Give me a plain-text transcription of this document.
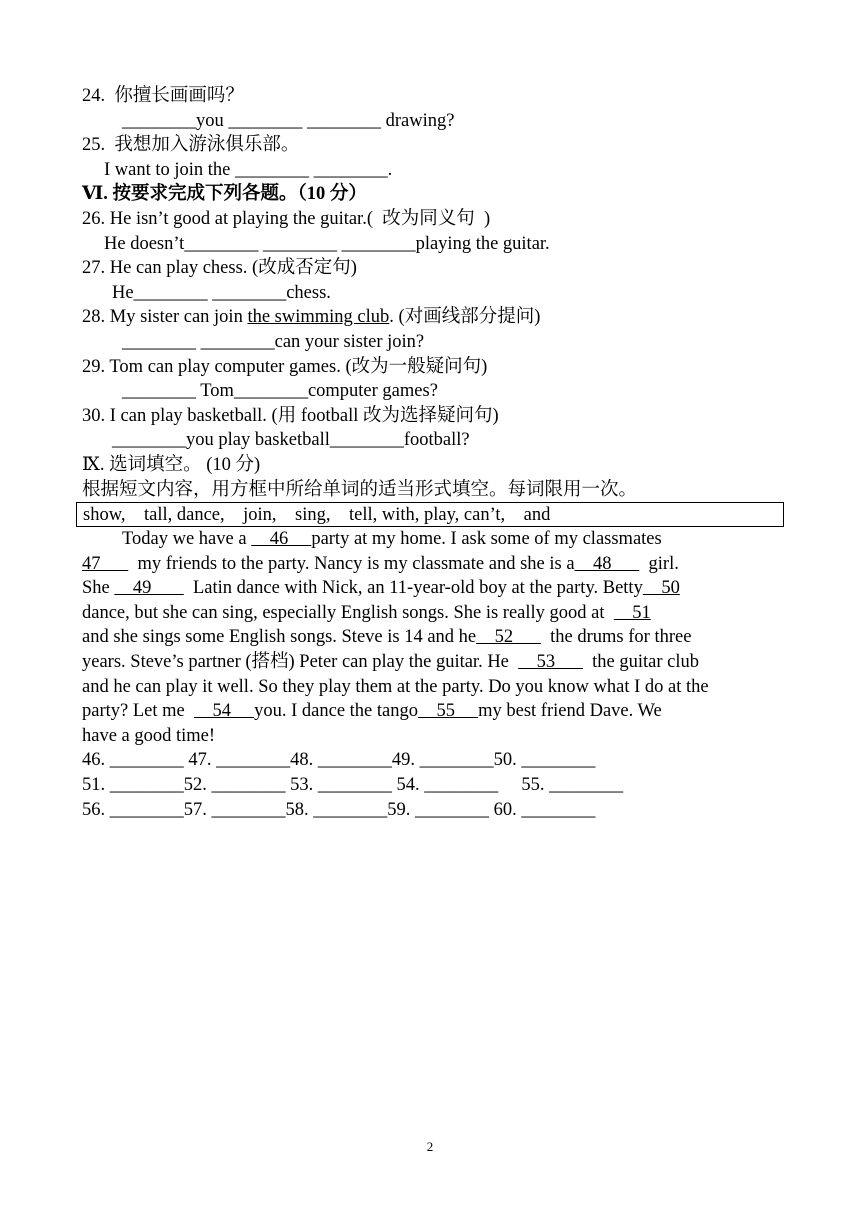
24.  你擅长画画吗？
________you ________ ________ drawing?
25.  我想加入游泳俱乐部。
I want to join the ________ ________.
Ⅵ. 按要求完成下列各题。（10 分）
26. He isn’t good at playing the guitar.(  改为同义句  )
He doesn’t________ ________ ________playing the guitar.
27. He can play chess. (改成否定句)
He________ ________chess.
28. My sister can join the swimming club. (对画线部分提问)
________ ________can your sister join?
29. Tom can play computer games. (改为一般疑问句)
________ Tom________computer games?
30. I can play basketball. (用 football 改为选择疑问句)
________you play basketball________football?
Ⅸ. 选词填空。 (10 分)
根据短文内容，用方框中所给单词的适当形式填空。每词限用一次。
show,    tall, dance,    join,    sing,    tell, with, play, can’t,    and
Today we have a     46     party at my home. I ask some of my classmates
47        my friends to the party. Nancy is my classmate and she is a    48        girl.
She     49         Latin dance with Nick, an 11-year-old boy at the party. Betty    50
dance, but she can sing, especially English songs. She is really good at      51
and she sings some English songs. Steve is 14 and he    52        the drums for three
years. Steve’s partner (搭档) Peter can play the guitar. He      53        the guitar club
and he can play it well. So they play them at the party. Do you know what I do at the
party? Let me      54     you. I dance the tango    55     my best friend Dave. We
have a good time!
46. ________ 47. ________48. ________49. ________50. ________
51. ________52. ________ 53. ________ 54. ________     55. ________
56. ________57. ________58. ________59. ________ 60. ________
2
